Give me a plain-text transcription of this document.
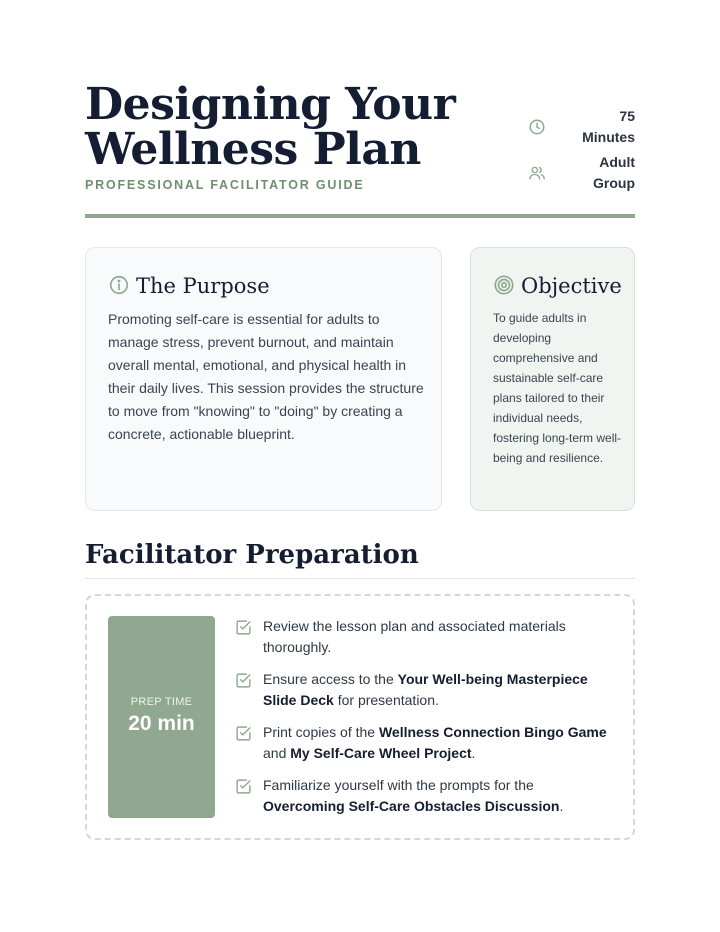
Designing Your Wellness Plan
PROFESSIONAL FACILITATOR GUIDE
75
Minutes
Adult
Group
The Purpose

Promoting self-care is essential for adults to manage stress, prevent burnout, and maintain overall mental, emotional, and physical health in their daily lives. This session provides the structure to move from "knowing" to "doing" by creating a concrete, actionable blueprint.

Objective

To guide adults in developing comprehensive and sustainable self-care plans tailored to their individual needs, fostering long-term well-being and resilience.

Facilitator Preparation
PREP TIME
20 min
Review the lesson plan and associated materials thoroughly.
Ensure access to the Your Well-being Masterpiece Slide Deck for presentation.
Print copies of the Wellness Connection Bingo Game and My Self-Care Wheel Project.
Familiarize yourself with the prompts for the Overcoming Self-Care Obstacles Discussion.
